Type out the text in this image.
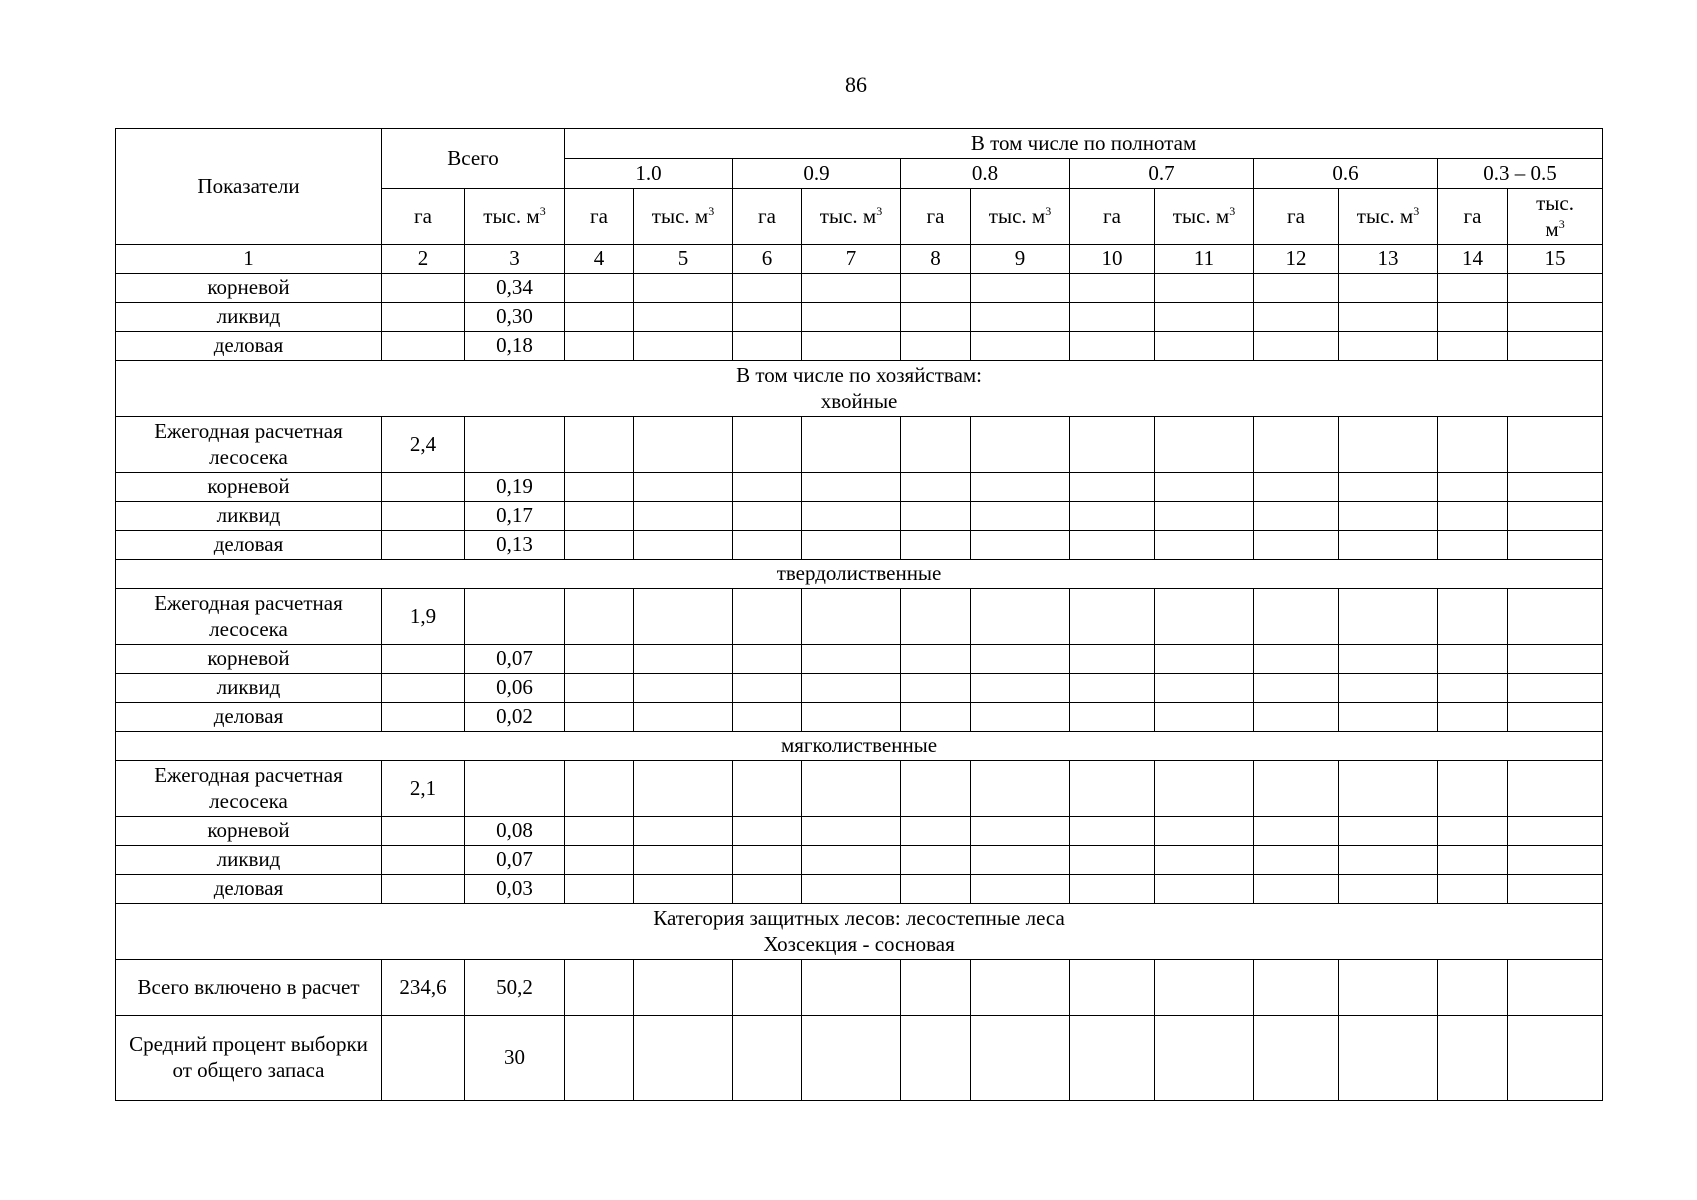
86
Показатели	Всего		В том числе по полнотам											
			1.0		0.9		0.8		0.7		0.6		0.3 – 0.5	
	га	тыс. $м^3$	га	тыс. $м^3$	га	тыс. $м^3$	га	тыс. $м^3$	га	тыс. $м^3$	га	тыс. $м^3$	га	тыс.
$м^3$
1	2	3	4	5	6	7	8	9	10	11	12	13	14	15
корневой		0,34												
ликвид		0,30												
деловая		0,18												
В том числе по хозяйствам:
хвойные														
Ежегодная расчетная лесосека	2,4													
корневой		0,19												
ликвид		0,17												
деловая		0,13												
твердолиственные														
Ежегодная расчетная лесосека	1,9													
корневой		0,07												
ликвид		0,06												
деловая		0,02												
мягколиственные														
Ежегодная расчетная лесосека	2,1													
корневой		0,08												
ликвид		0,07												
деловая		0,03												
Категория защитных лесов: лесостепные леса
Хозсекция - сосновая														
Всего включено в расчет	234,6	50,2												
Средний процент выборки от общего запаса		30												
